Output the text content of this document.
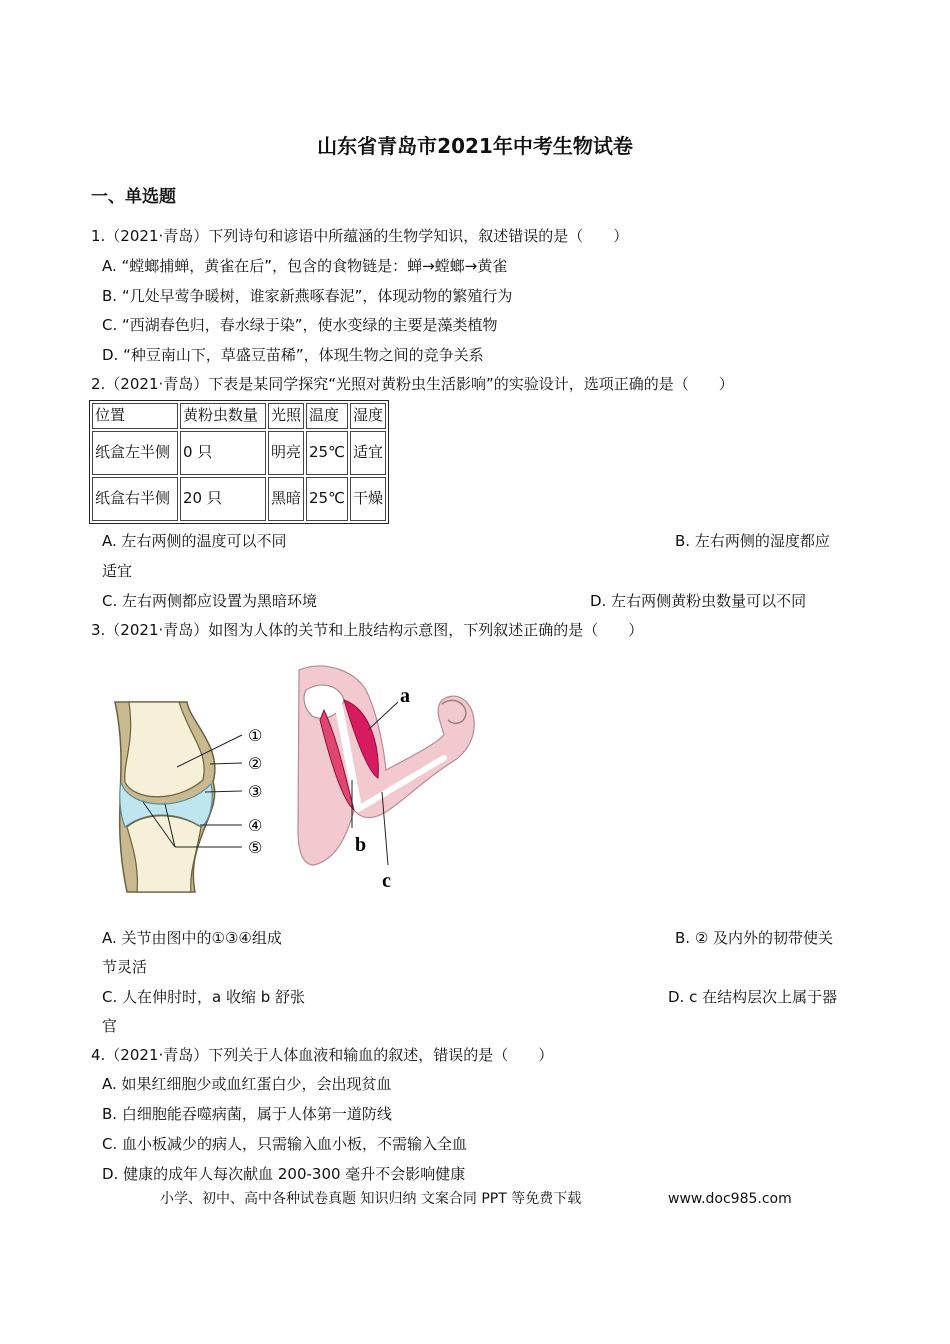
山东省青岛市2021年中考生物试卷
一、单选题
1.（2021·青岛）下列诗句和谚语中所蕴涵的生物学知识，叙述错误的是（　　）
A. “螳螂捕蝉，黄雀在后”，包含的食物链是：蝉→螳螂→黄雀
B. “几处早莺争暖树，谁家新燕啄春泥”，体现动物的繁殖行为
C. “西湖春色归，春水绿于染”，使水变绿的主要是藻类植物
D. “种豆南山下，草盛豆苗稀”，体现生物之间的竞争关系
2.（2021·青岛）下表是某同学探究“光照对黄粉虫生活影响”的实验设计，选项正确的是（　　）
位置	黄粉虫数量	光照	温度	湿度
纸盒左半侧	0 只	明亮	25℃	适宜
纸盒右半侧	20 只	黑暗	25℃	干燥
A. 左右两侧的温度可以不同	B. 左右两侧的湿度都应
适宜
C. 左右两侧都应设置为黑暗环境	D. 左右两侧黄粉虫数量可以不同
3.（2021·青岛）如图为人体的关节和上肢结构示意图，下列叙述正确的是（　　）
①
②
③
④
⑤
a
b
c
A. 关节由图中的①③④组成	B. ② 及内外的韧带使关
节灵活
C. 人在伸肘时，a 收缩 b 舒张	D. c 在结构层次上属于器
官
4.（2021·青岛）下列关于人体血液和输血的叙述，错误的是（　　）
A. 如果红细胞少或血红蛋白少，会出现贫血
B. 白细胞能吞噬病菌，属于人体第一道防线
C. 血小板减少的病人，只需输入血小板，不需输入全血
D. 健康的成年人每次献血 200-300 毫升不会影响健康
小学、初中、高中各种试卷真题 知识归纳 文案合同 PPT 等免费下载	www.doc985.com
